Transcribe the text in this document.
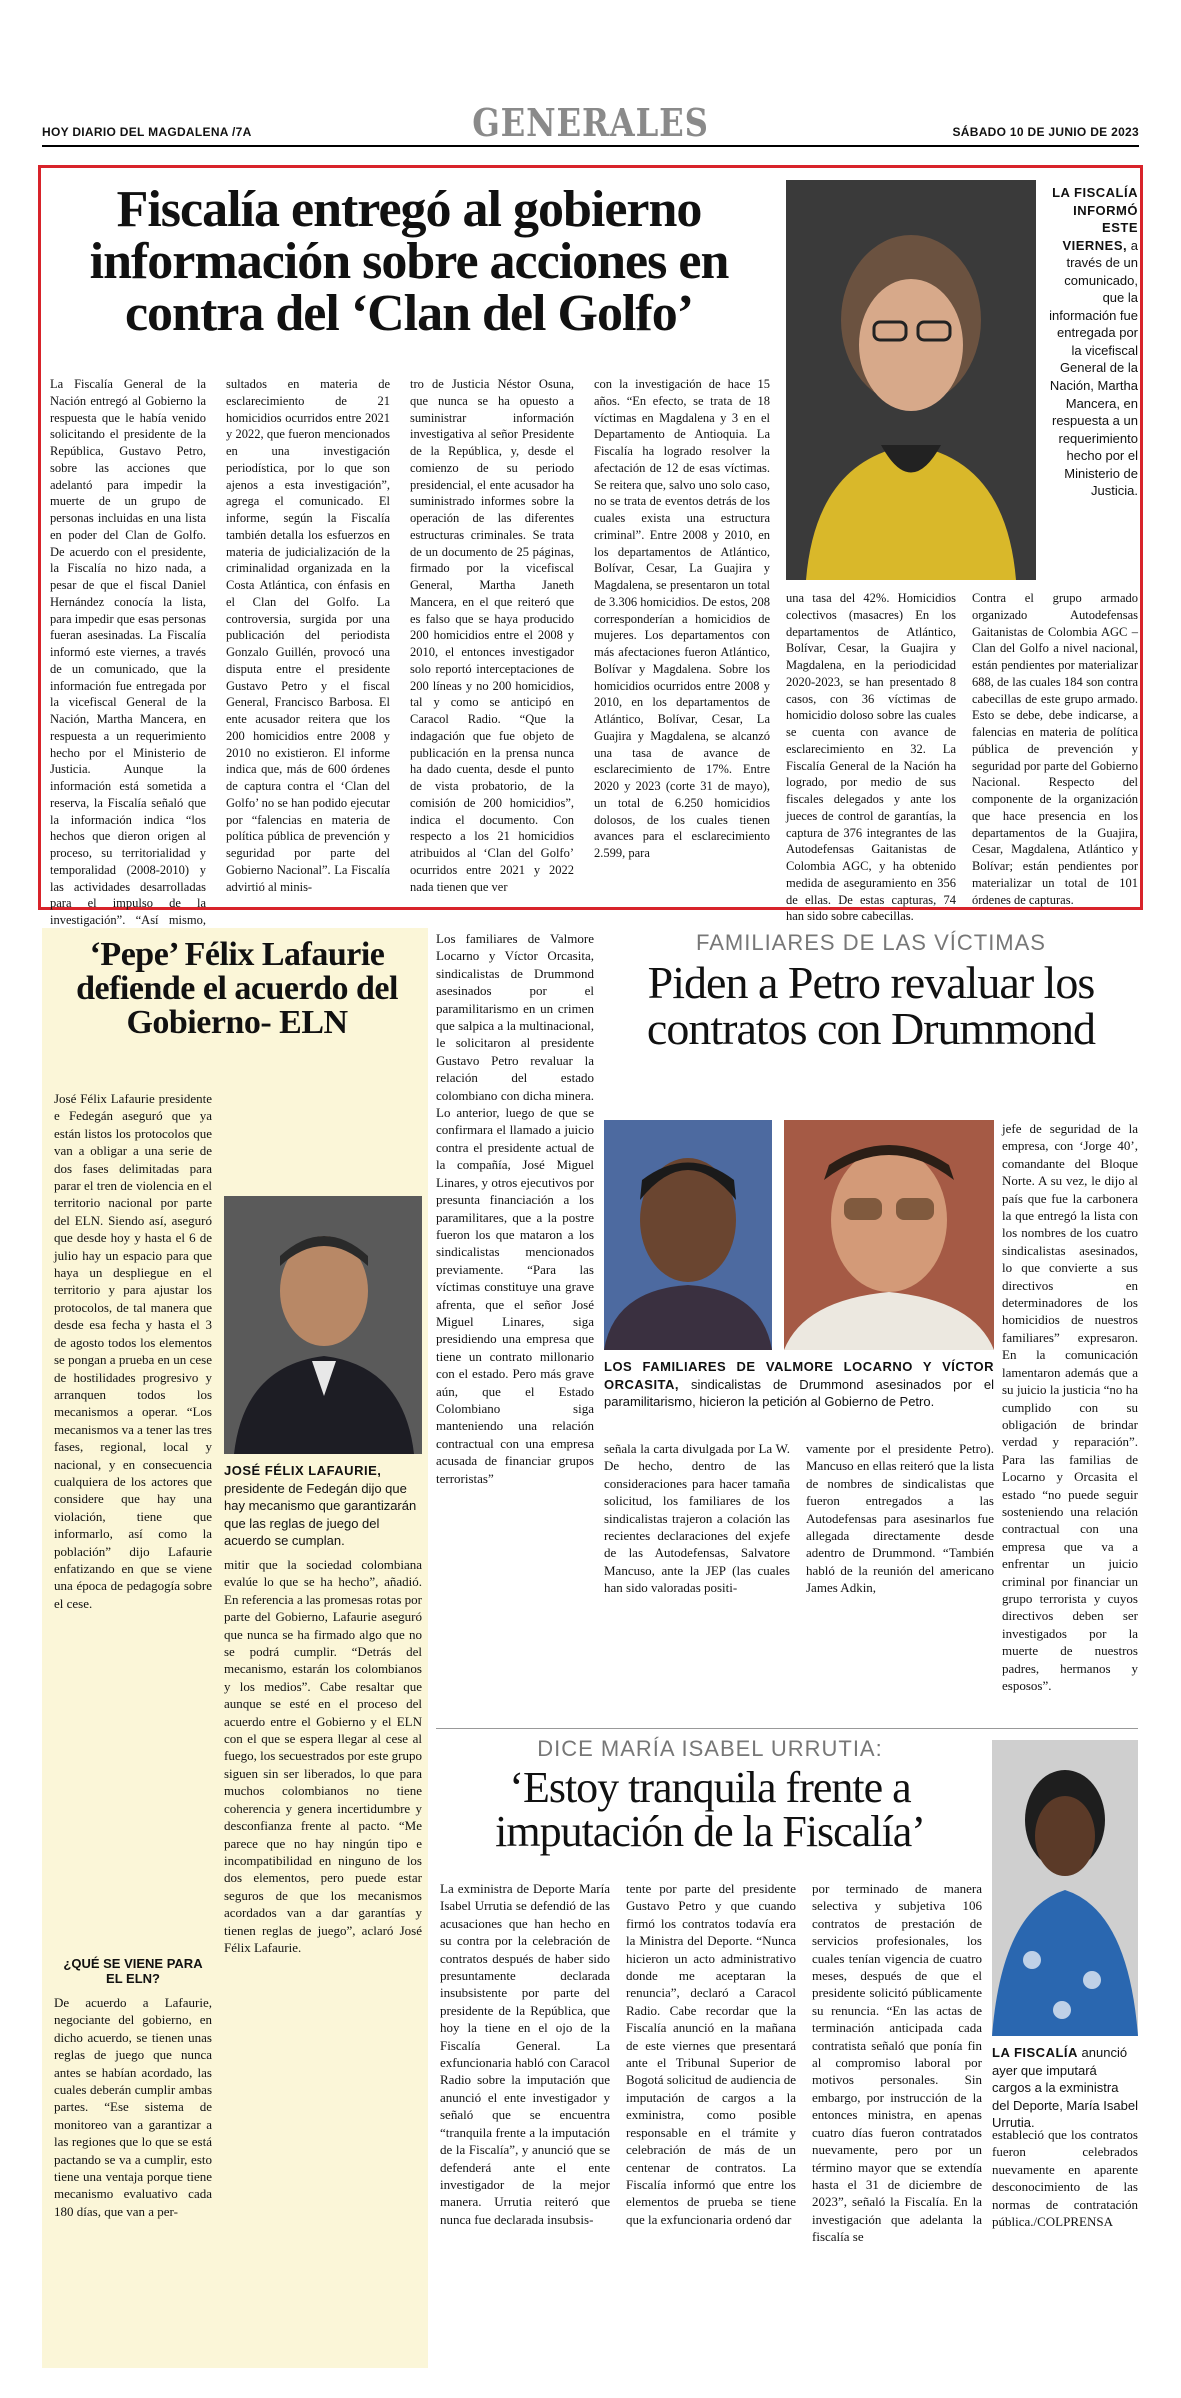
HOY DIARIO DEL MAGDALENA /7A	GENERALES	SÁBADO 10 DE JUNIO DE 2023
Fiscalía entregó al gobierno información sobre acciones en contra del ‘Clan del Golfo’
La Fiscalía General de la Nación entregó al Gobierno la respuesta que le había venido solicitando el presidente de la República, Gustavo Petro, sobre las acciones que adelantó para impedir la muerte de un grupo de personas incluidas en una lista en poder del Clan de Golfo. De acuerdo con el presidente, la Fiscalía no hizo nada, a pesar de que el fiscal Daniel Hernández conocía la lista, para impedir que esas personas fueran asesinadas. La Fiscalía informó este viernes, a través de un comunicado, que la información fue entregada por la vicefiscal General de la Nación, Martha Mancera, en respuesta a un requerimiento hecho por el Ministerio de Justicia. Aunque la información está sometida a reserva, la Fiscalía señaló que la información indica “los hechos que dieron origen al proceso, su territorialidad y temporalidad (2008-2010) y las actividades desarrolladas para el impulso de la investigación”. “Así mismo,
sultados en materia de esclarecimiento de 21 homicidios ocurridos entre 2021 y 2022, que fueron mencionados en una investigación periodística, por lo que son ajenos a esta investigación”, agrega el comunicado. El informe, según la Fiscalía también detalla los esfuerzos en materia de judicialización de la criminalidad organizada en la Costa Atlántica, con énfasis en el Clan del Golfo. La controversia, surgida por una publicación del periodista Gonzalo Guillén, provocó una disputa entre el presidente Gustavo Petro y el fiscal General, Francisco Barbosa. El ente acusador reitera que los 200 homicidios entre 2008 y 2010 no existieron. El informe indica que, más de 600 órdenes de captura contra el ‘Clan del Golfo’ no se han podido ejecutar por “falencias en materia de política pública de prevención y seguridad por parte del Gobierno Nacional”. La Fiscalía advirtió al minis-
tro de Justicia Néstor Osuna, que nunca se ha opuesto a suministrar información investigativa al señor Presidente de la República, y, desde el comienzo de su periodo presidencial, el ente acusador ha suministrado informes sobre la operación de las diferentes estructuras criminales. Se trata de un documento de 25 páginas, firmado por la vicefiscal General, Martha Janeth Mancera, en el que reiteró que es falso que se haya producido 200 homicidios entre el 2008 y 2010, el entonces investigador solo reportó interceptaciones de 200 líneas y no 200 homicidios, tal y como se anticipó en Caracol Radio. “Que la indagación que fue objeto de publicación en la prensa nunca ha dado cuenta, desde el punto de vista probatorio, de la comisión de 200 homicidios”, indica el documento. Con respecto a los 21 homicidios atribuidos al ‘Clan del Golfo’ ocurridos entre 2021 y 2022 nada tienen que ver
con la investigación de hace 15 años. “En efecto, se trata de 18 víctimas en Magdalena y 3 en el Departamento de Antioquia. La Fiscalía ha logrado resolver la afectación de 12 de esas víctimas. Se reitera que, salvo uno solo caso, no se trata de eventos detrás de los cuales exista una estructura criminal”. Entre 2008 y 2010, en los departamentos de Atlántico, Bolívar, Cesar, La Guajira y Magdalena, se presentaron un total de 3.306 homicidios. De estos, 208 corresponderían a homicidios de mujeres. Los departamentos con más afectaciones fueron Atlántico, Bolívar y Magdalena. Sobre los homicidios ocurridos entre 2008 y 2010, en los departamentos de Atlántico, Bolívar, Cesar, La Guajira y Magdalena, se alcanzó una tasa de avance de esclarecimiento de 17%. Entre 2020 y 2023 (corte 31 de mayo), un total de 6.250 homicidios dolosos, de los cuales tienen avances para el esclarecimiento 2.599, para
LA FISCALÍA INFORMÓ ESTE VIERNES, a través de un comunicado, que la información fue entregada por la vicefiscal General de la Nación, Martha Mancera, en respuesta a un requerimiento hecho por el Ministerio de Justicia.
una tasa del 42%. Homicidios colectivos (masacres) En los departamentos de Atlántico, Bolívar, Cesar, la Guajira y Magdalena, en la periodicidad 2020-2023, se han presentado 8 casos, con 36 víctimas de homicidio doloso sobre las cuales se cuenta con avance de esclarecimiento en 32. La Fiscalía General de la Nación ha logrado, por medio de sus fiscales delegados y ante los jueces de control de garantías, la captura de 376 integrantes de las Autodefensas Gaitanistas de Colombia AGC, y ha obtenido medida de aseguramiento en 356 de ellas. De estas capturas, 74 han sido sobre cabecillas.
Contra el grupo armado organizado Autodefensas Gaitanistas de Colombia AGC – Clan del Golfo a nivel nacional, están pendientes por materializar 688, de las cuales 184 son contra cabecillas de este grupo armado. Esto se debe, debe indicarse, a falencias en materia de política pública de prevención y seguridad por parte del Gobierno Nacional. Respecto del componente de la organización que hace presencia en los departamentos de la Guajira, Cesar, Magdalena, Atlántico y Bolívar; están pendientes por materializar un total de 101 órdenes de capturas.
‘Pepe’ Félix Lafaurie defiende el acuerdo del Gobierno- ELN
José Félix Lafaurie presidente e Fedegán aseguró que ya están listos los protocolos que van a obligar a una serie de dos fases delimitadas para parar el tren de violencia en el territorio nacional por parte del ELN. Siendo así, aseguró que desde hoy y hasta el 6 de julio hay un espacio para que haya un despliegue en el territorio y para ajustar los protocolos, de tal manera que desde esa fecha y hasta el 3 de agosto todos los elementos se pongan a prueba en un cese de hostilidades progresivo y arranquen todos los mecanismos a operar. “Los mecanismos va a tener las tres fases, regional, local y nacional, y en consecuencia cualquiera de los actores que considere que hay una violación, tiene que informarlo, así como la población” dijo Lafaurie enfatizando en que se viene una época de pedagogía sobre el cese.
¿QUÉ SE VIENE PARA EL ELN?
De acuerdo a Lafaurie, negociante del gobierno, en dicho acuerdo, se tienen unas reglas de juego que nunca antes se habían acordado, las cuales deberán cumplir ambas partes. “Ese sistema de monitoreo van a garantizar a las regiones que lo que se está pactando se va a cumplir, esto tiene una ventaja porque tiene mecanismo evaluativo cada 180 días, que van a per-
JOSÉ FÉLIX LAFAURIE, presidente de Fedegán dijo que hay mecanismo que garantizarán que las reglas de juego del acuerdo se cumplan.
mitir que la sociedad colombiana evalúe lo que se ha hecho”, añadió. En referencia a las promesas rotas por parte del Gobierno, Lafaurie aseguró que nunca se ha firmado algo que no se podrá cumplir. “Detrás del mecanismo, estarán los colombianos y los medios”. Cabe resaltar que aunque se esté en el proceso del acuerdo entre el Gobierno y el ELN con el que se espera llegar al cese al fuego, los secuestrados por este grupo siguen sin ser liberados, lo que para muchos colombianos no tiene coherencia y genera incertidumbre y desconfianza frente al pacto. “Me parece que no hay ningún tipo e incompatibilidad en ninguno de los dos elementos, pero puede estar seguros de que los mecanismos acordados van a dar garantías y tienen reglas de juego”, aclaró José Félix Lafaurie.
Los familiares de Valmore Locarno y Víctor Orcasita, sindicalistas de Drummond asesinados por el paramilitarismo en un crimen que salpica a la multinacional, le solicitaron al presidente Gustavo Petro revaluar la relación del estado colombiano con dicha minera. Lo anterior, luego de que se confirmara el llamado a juicio contra el presidente actual de la compañía, José Miguel Linares, y otros ejecutivos por presunta financiación a los paramilitares, que a la postre fueron los que mataron a los sindicalistas mencionados previamente. “Para las víctimas constituye una grave afrenta, que el señor José Miguel Linares, siga presidiendo una empresa que tiene un contrato millonario con el estado. Pero más grave aún, que el Estado Colombiano siga manteniendo una relación contractual con una empresa acusada de financiar grupos terroristas”
FAMILIARES DE LAS VÍCTIMAS
Piden a Petro revaluar los contratos con Drummond
jefe de seguridad de la empresa, con ‘Jorge 40’, comandante del Bloque Norte. A su vez, le dijo al país que fue la carbonera la que entregó la lista con los nombres de los cuatro sindicalistas asesinados, lo que convierte a sus directivos en determinadores de los homicidios de nuestros familiares” expresaron. En la comunicación lamentaron además que a su juicio la justicia “no ha cumplido con su obligación de brindar verdad y reparación”. Para las familias de Locarno y Orcasita el estado “no puede seguir sosteniendo una relación contractual con una empresa que va a enfrentar un juicio criminal por financiar un grupo terrorista y cuyos directivos deben ser investigados por la muerte de nuestros padres, hermanos y esposos”.
LOS FAMILIARES DE VALMORE LOCARNO Y VÍCTOR ORCASITA, sindicalistas de Drummond asesinados por el paramilitarismo, hicieron la petición al Gobierno de Petro.
señala la carta divulgada por La W. De hecho, dentro de las consideraciones para hacer tamaña solicitud, los familiares de los sindicalistas trajeron a colación las recientes declaraciones del exjefe de las Autodefensas, Salvatore Mancuso, ante la JEP (las cuales han sido valoradas positi-
vamente por el presidente Petro). Mancuso en ellas reiteró que la lista de nombres de sindicalistas que fueron entregados a las Autodefensas para asesinarlos fue allegada directamente desde adentro de Drummond. “También habló de la reunión del americano James Adkin,
DICE MARÍA ISABEL URRUTIA:
‘Estoy tranquila frente a imputación de la Fiscalía’
La exministra de Deporte María Isabel Urrutia se defendió de las acusaciones que han hecho en su contra por la celebración de contratos después de haber sido presuntamente declarada insubsistente por parte del presidente de la República, que hoy la tiene en el ojo de la Fiscalía General. La exfuncionaria habló con Caracol Radio sobre la imputación que anunció el ente investigador y señaló que se encuentra “tranquila frente a la imputación de la Fiscalía”, y anunció que se defenderá ante el ente investigador de la mejor manera. Urrutia reiteró que nunca fue declarada insubsis-
tente por parte del presidente Gustavo Petro y que cuando firmó los contratos todavía era la Ministra del Deporte. “Nunca hicieron un acto administrativo donde me aceptaran la renuncia”, declaró a Caracol Radio. Cabe recordar que la Fiscalía anunció en la mañana de este viernes que presentará ante el Tribunal Superior de Bogotá solicitud de audiencia de imputación de cargos a la exministra, como posible responsable en el trámite y celebración de más de un centenar de contratos. La Fiscalía informó que entre los elementos de prueba se tiene que la exfuncionaria ordenó dar
por terminado de manera selectiva y subjetiva 106 contratos de prestación de servicios profesionales, los cuales tenían vigencia de cuatro meses, después de que el presidente solicitó públicamente su renuncia. “En las actas de terminación anticipada cada contratista señaló que ponía fin al compromiso laboral por motivos personales. Sin embargo, por instrucción de la entonces ministra, en apenas cuatro días fueron contratados nuevamente, pero por un término mayor que se extendía hasta el 31 de diciembre de 2023”, señaló la Fiscalía. En la investigación que adelanta la fiscalía se
LA FISCALÍA anunció ayer que imputará cargos a la exministra del Deporte, María Isabel Urrutia.
estableció que los contratos fueron celebrados nuevamente en aparente desconocimiento de las normas de contratación pública./COLPRENSA
